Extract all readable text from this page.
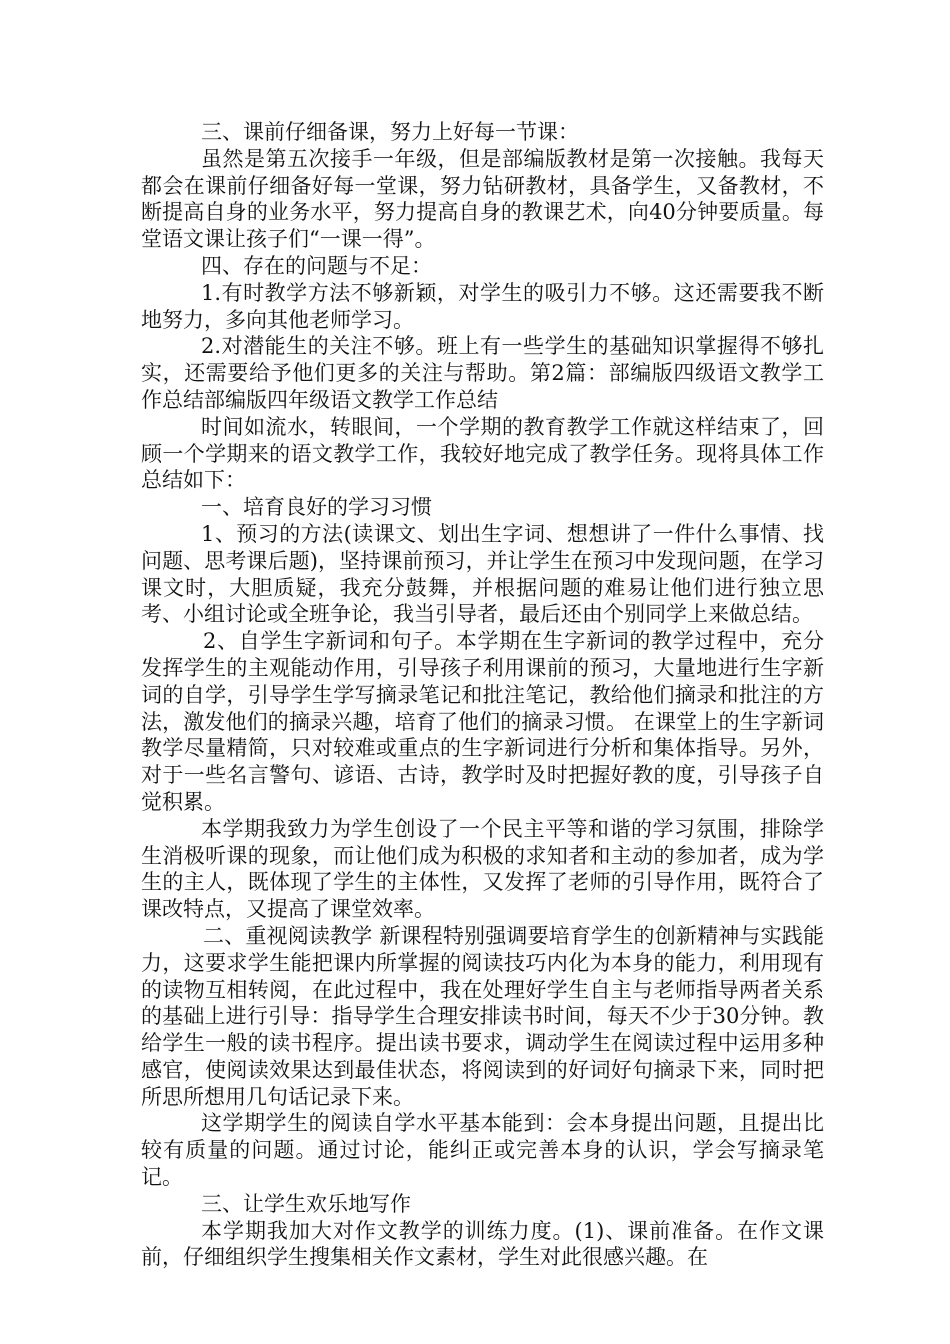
三、课前仔细备课，努力上好每一节课：

虽然是第五次接手一年级，但是部编版教材是第一次接触。我每天都会在课前仔细备好每一堂课，努力钻研教材，具备学生，又备教材，不断提高自身的业务水平，努力提高自身的教课艺术，向40分钟要质量。每堂语文课让孩子们“一课一得”。

四、存在的问题与不足：

1.有时教学方法不够新颖，对学生的吸引力不够。这还需要我不断地努力，多向其他老师学习。

2.对潜能生的关注不够。班上有一些学生的基础知识掌握得不够扎实，还需要给予他们更多的关注与帮助。第2篇：部编版四级语文教学工作总结部编版四年级语文教学工作总结

时间如流水，转眼间，一个学期的教育教学工作就这样结束了，回顾一个学期来的语文教学工作，我较好地完成了教学任务。现将具体工作总结如下：

一、培育良好的学习习惯

1、预习的方法(读课文、划出生字词、想想讲了一件什么事情、找问题、思考课后题)，坚持课前预习，并让学生在预习中发现问题，在学习课文时，大胆质疑，我充分鼓舞，并根据问题的难易让他们进行独立思考、小组讨论或全班争论，我当引导者，最后还由个别同学上来做总结。

2、自学生字新词和句子。本学期在生字新词的教学过程中，充分发挥学生的主观能动作用，引导孩子利用课前的预习，大量地进行生字新词的自学，引导学生学写摘录笔记和批注笔记，教给他们摘录和批注的方法，激发他们的摘录兴趣，培育了他们的摘录习惯。 在课堂上的生字新词教学尽量精简，只对较难或重点的生字新词进行分析和集体指导。另外，对于一些名言警句、谚语、古诗，教学时及时把握好教的度，引导孩子自觉积累。

本学期我致力为学生创设了一个民主平等和谐的学习氛围，排除学生消极听课的现象，而让他们成为积极的求知者和主动的参加者，成为学生的主人，既体现了学生的主体性，又发挥了老师的引导作用，既符合了课改特点，又提高了课堂效率。

二、重视阅读教学 新课程特别强调要培育学生的创新精神与实践能力，这要求学生能把课内所掌握的阅读技巧内化为本身的能力，利用现有的读物互相转阅，在此过程中，我在处理好学生自主与老师指导两者关系的基础上进行引导：指导学生合理安排读书时间，每天不少于30分钟。教给学生一般的读书程序。提出读书要求，调动学生在阅读过程中运用多种感官，使阅读效果达到最佳状态，将阅读到的好词好句摘录下来，同时把所思所想用几句话记录下来。

这学期学生的阅读自学水平基本能到：会本身提出问题，且提出比较有质量的问题。通过讨论，能纠正或完善本身的认识，学会写摘录笔记。

三、让学生欢乐地写作

本学期我加大对作文教学的训练力度。(1)、课前准备。在作文课前，仔细组织学生搜集相关作文素材，学生对此很感兴趣。在
